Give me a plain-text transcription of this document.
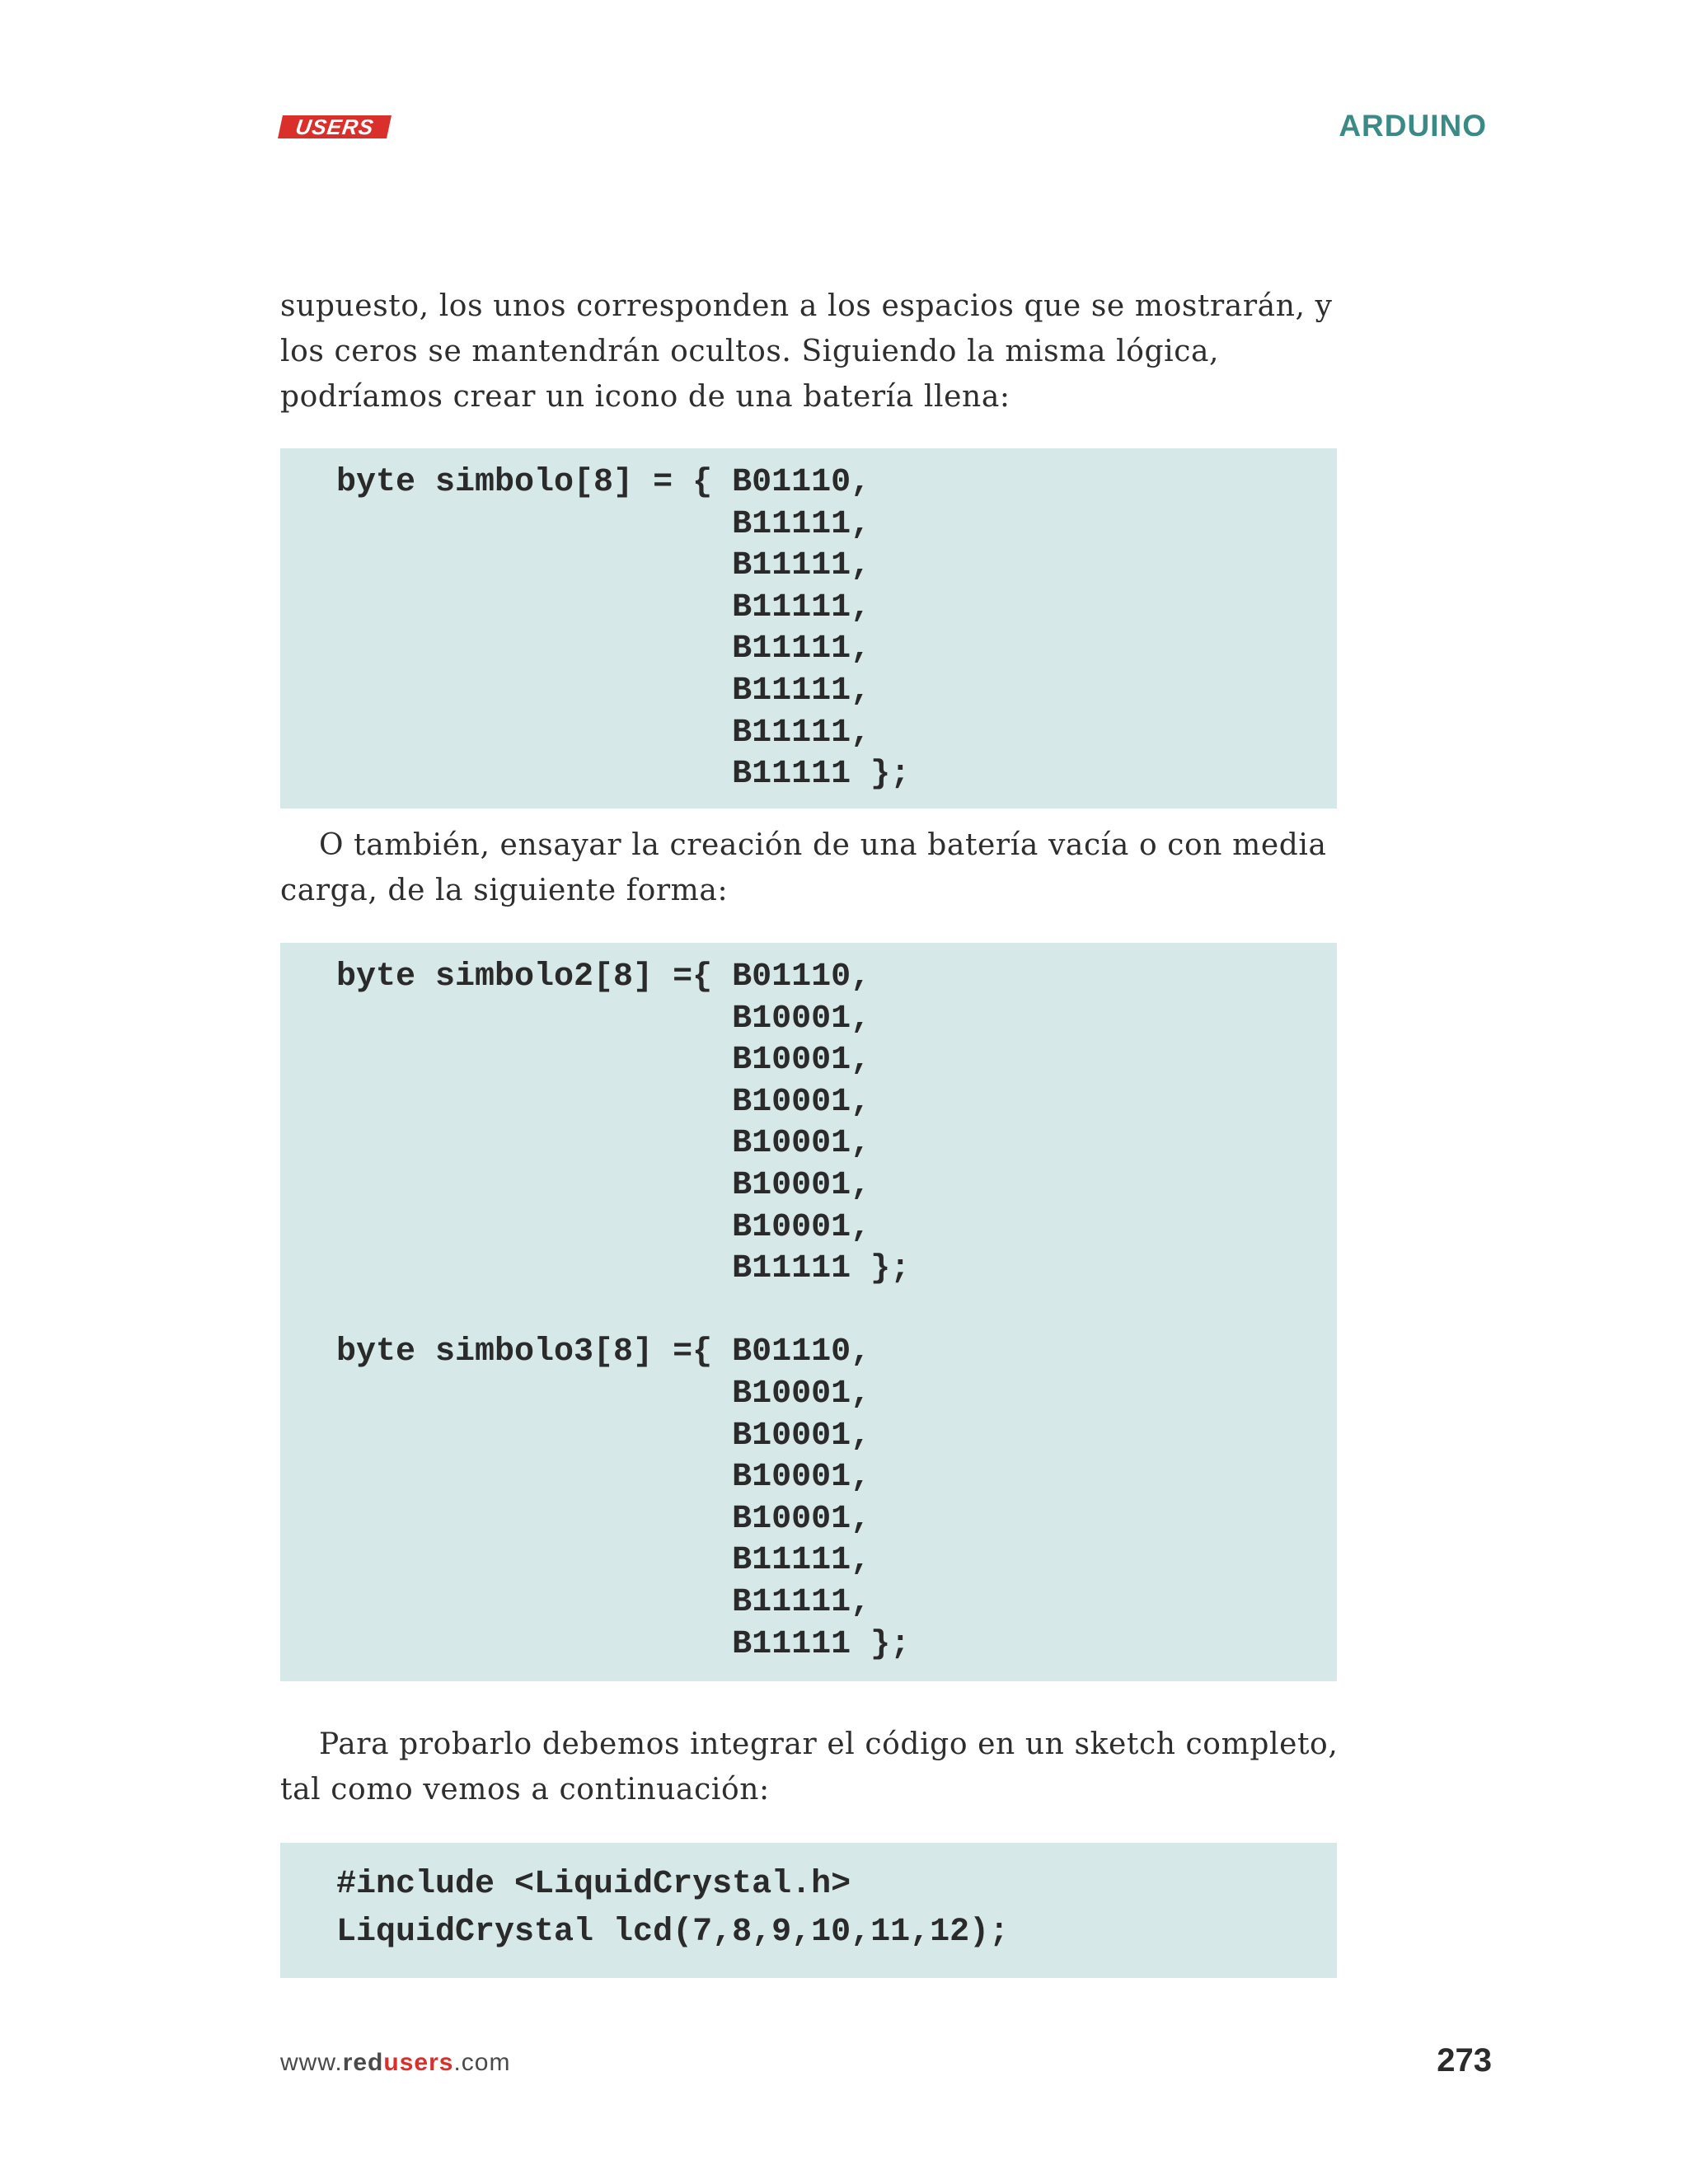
USERS	ARDUINO

supuesto, los unos corresponden a los espacios que se mostrarán, y los ceros se mantendrán ocultos. Siguiendo la misma lógica, podríamos crear un icono de una batería llena:

byte simbolo[8] = { B01110,
B11111,
B11111,
B11111,
B11111,
B11111,
B11111,
B11111 };

O también, ensayar la creación de una batería vacía o con media carga, de la siguiente forma:

byte simbolo2[8] ={ B01110,
B10001,
B10001,
B10001,
B10001,
B10001,
B10001,
B11111 };

byte simbolo3[8] ={ B01110,
B10001,
B10001,
B10001,
B10001,
B11111,
B11111,
B11111 };

Para probarlo debemos integrar el código en un sketch completo, tal como vemos a continuación:

#include <LiquidCrystal.h>
LiquidCrystal lcd(7,8,9,10,11,12);
www.redusers.com	273
